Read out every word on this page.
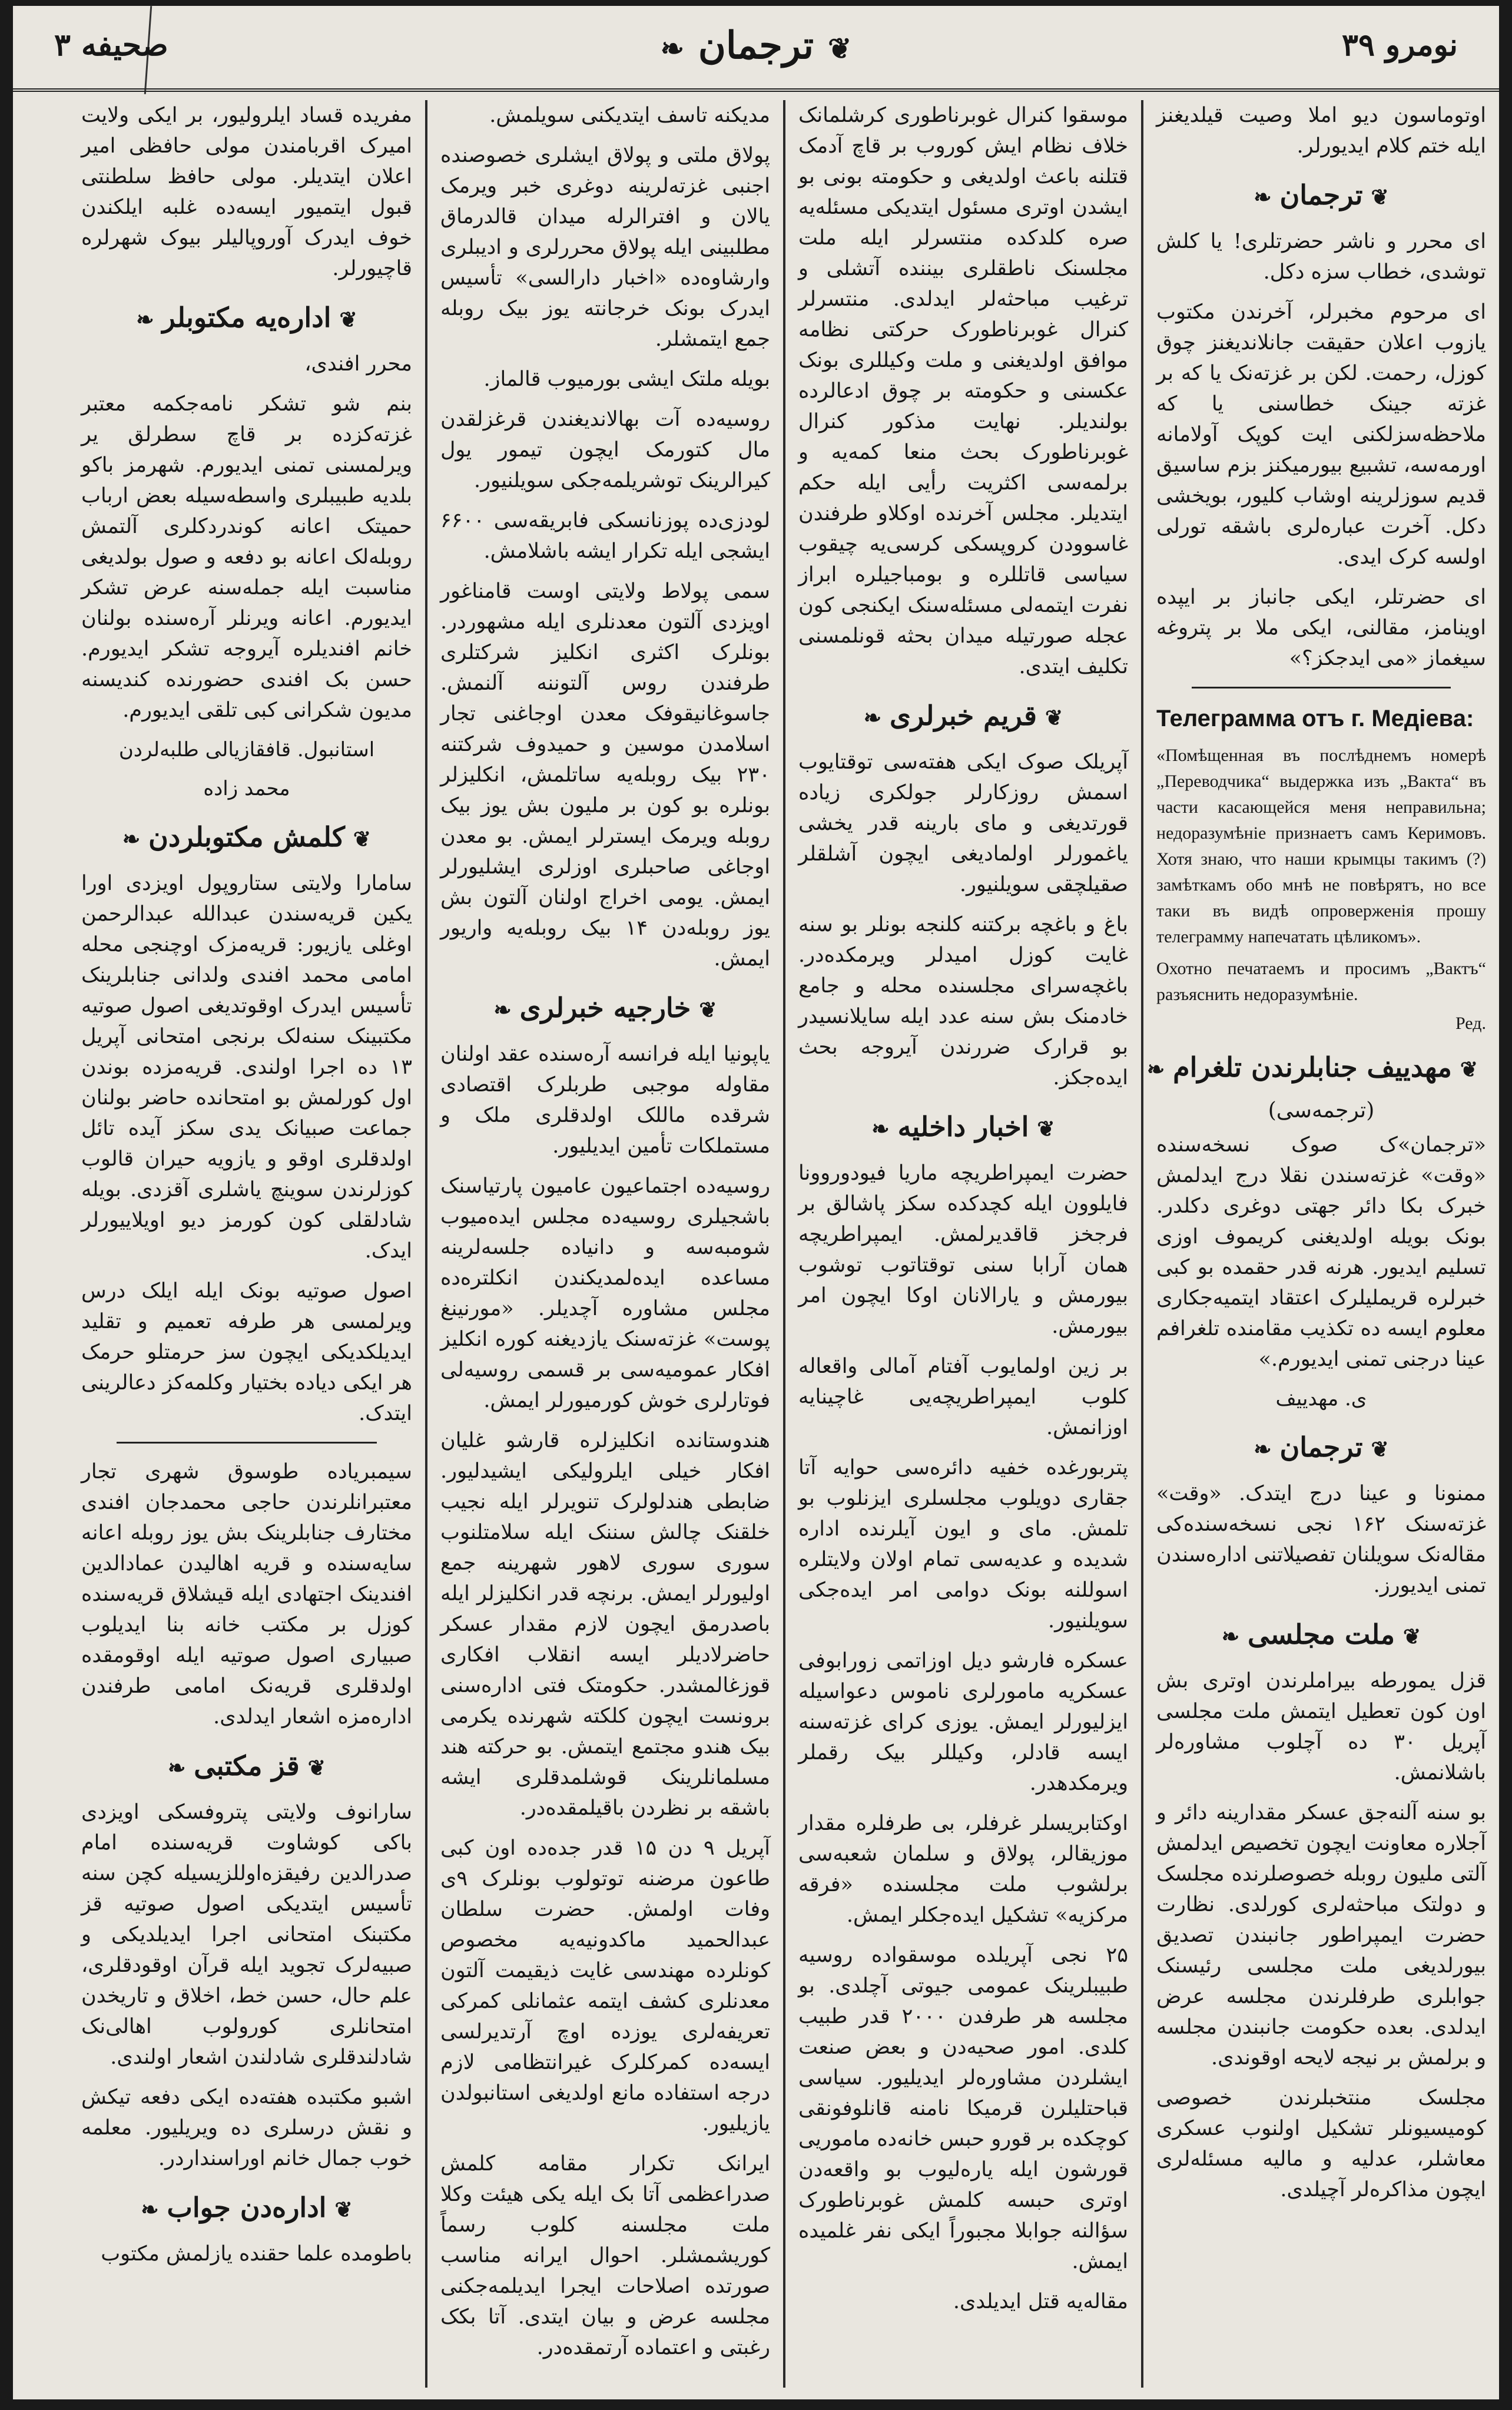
صحیفه ۳	❦ترجمان❧	نومرو ۳۹

اوتوماسون دیو املا وصیت قیلدیغنز ایله ختم کلام ایدیورلر.

❦ترجمان❧

ای محرر و ناشر حضرتلری! یا کلش توشدی، خطاب سزه دکل.

ای مرحوم مخبرلر، آخرندن مکتوب یازوب اعلان حقیقت جانلاندیغنز چوق کوزل، رحمت. لکن بر غزته‌نک یا که بر غزته جینک خطاسنی یا که ملاحظه‌سزلکنی ایت کوپک آولامانه اورمه‌سه، تشبیع بیورمیکنز بزم ساسیق قدیم سوزلرینه اوشاب کلیور، بویخشی دکل. آخرت عبارەلری باشقه تورلی اولسه کرک ایدی.

ای حضرتلر، ایکی جانباز بر ایپده اوینامز، مقالنی، ایکی ملا بر پتروغه سیغماز «می ایدجکز؟»

Телеграмма отъ г. Медiева:

«Помѣщенная въ послѣднемъ номерѣ „Переводчика“ выдержка изъ „Вакта“ въ части касающейся меня неправильна; недоразумѣнiе признаетъ самъ Керимовъ. Хотя знаю, что наши крымцы такимъ (?) замѣткамъ обо мнѣ не повѣрятъ, но все таки въ видѣ опроверженiя прошу телеграмму напечатать цѣликомъ».

Охотно печатаемъ и просимъ „Вактъ“ разъяснить недоразумѣнiе.

Ред.

❦مهدییف جنابلرندن تلغرام❧
(ترجمه‌سی)

«ترجمان»ک صوک نسخه‌سنده «وقت» غزته‌سندن نقلا درج ایدلمش خبرک بکا دائر جهتی دوغری دکلدر. بونک بویله اولدیغنی کریموف اوزی تسلیم ایدیور. هرنه قدر حقمده بو کبی خبرلره قریملیلرک اعتقاد ایتمیه‌جکاری معلوم ایسه ده تکذیب مقامنده تلغرافم عینا درجنی تمنی ایدیورم.»

ی. مهدییف

❦ترجمان❧

ممنونا و عینا درج ایتدک. «وقت» غزته‌سنک ۱۶۲ نجی نسخه‌سنده‌کی مقاله‌نک سویلنان تفصیلاتنی اداره‌سندن تمنی ایدیورز.

❦ملت مجلسی❧

قزل یمورطه بیراملرندن اوتری بش اون کون تعطیل ایتمش ملت مجلسی آپریل ۳۰ ده آچلوب مشاوره‌لر باشلانمش.

بو سنه آلنه‌جق عسکر مقدارینه دائر و آجلاره معاونت ایچون تخصیص ایدلمش آلتی ملیون روبله خصوصلرنده مجلسک و دولتک مباحثه‌لری کورلدی. نظارت حضرت ایمپراطور جانبندن تصدیق بیورلدیغی ملت مجلسی رئیسنک جوابلری طرفلرندن مجلسه عرض ایدلدی. بعده حکومت جانبندن مجلسه و برلمش بر نیجه لایحه اوقوندی.

مجلسک منتخبلرندن خصوصی کومیسیونلر تشکیل اولنوب عسکری معاشلر، عدلیه و مالیه مسئله‌لری ایچون مذاکره‌لر آچیلدی.

موسقوا کنرال غوبرناطوری کرشلمانک خلاف نظام ایش کوروب بر قاچ آدمک قتلنه باعث اولدیغی و حکومته بونی بو ایشدن اوتری مسئول ایتدیکی مسئله‌یه صره کلدکده منتسرلر ایله ملت مجلسنک ناطقلری بیننده آتشلی و ترغیب مباحثه‌لر ایدلدی. منتسرلر کنرال غوبرناطورک حرکتی نظامه موافق اولدیغنی و ملت وکیللری بونک عکسنی و حکومته بر چوق ادعالرده بولندیلر. نهایت مذکور کنرال غوبرناطورک بحث منعا کمه‌یه و برلمه‌سی اکثریت رأیی ایله حکم ایتدیلر. مجلس آخرنده اوکلاو طرفندن غاسوودن کروپسکی کرسی‌یه چیقوب سیاسی قاتللره و بومباجیلره ابراز نفرت ایتمه‌لی مسئله‌سنک ایکنجی کون عجله صورتیله میدان بحثه قونلمسنی تکلیف ایتدی.

❦قریم خبرلری❧

آپریلک صوک ایکی هفته‌سی توقتایوب اسمش روزکارلر جولکری زیاده قورتدیغی و مای بارینه قدر یخشی یاغمورلر اولمادیغی ایچون آشلقلر صقیلچقی سویلنیور.

باغ و باغچه برکتنه کلنجه بونلر بو سنه غایت کوزل امیدلر ویرمکده‌در. باغچه‌سرای مجلسنده محله و جامع خادمنک بش سنه عدد ایله سایلانسیدر بو قرارک ضررندن آیروجه بحث ایده‌جکز.

❦اخبار داخلیه❧

حضرت ایمپراطریچه ماریا فیودوروونا فایلوون ایله کچدکده سکز پاشالق بر فرجخز قاقدیرلمش. ایمپراطریچه همان آرابا سنی توقتاتوب توشوب بیورمش و یارالانان اوکا ایچون امر بیورمش.

بر زین اولمایوب آفتام آمالی واقعاله کلوب ایمپراطریچه‌یی غاچینایه اوزانمش.

پتربورغده خفیه دائره‌سی حوایه آتا جقاری دویلوب مجلسلری ایزنلوب بو تلمش. مای و ایون آیلرنده اداره شدیده و عدیه‌سی تمام اولان ولایتلره اسوللنه بونک دوامی امر ایده‌جکی سویلنیور.

عسکره فارشو دیل اوزاتمی زورابوفی عسکریه مامورلری ناموس دعواسیله ایزلیورلر ایمش. یوزی کرای غزته‌سنه ایسه قادلر، وکیللر بیک رقملر ویرمکدهدر.

اوکتابریسلر غرفلر، بی طرفلره مقدار موزیقالر، پولاق و سلمان شعبه‌سی برلشوب ملت مجلسنده «فرقه مرکزیه» تشکیل ایده‌جکلر ایمش.

۲۵ نجی آپریلده موسقواده روسیه طبیبلرینک عمومی جیوتی آچلدی. بو مجلسه هر طرفدن ۲۰۰۰ قدر طبیب کلدی. امور صحیه‌دن و بعض صنعت ایشلردن مشاوره‌لر ایدیلیور. سیاسی قباحتلیلرن قرمیکا نامنه قانلوفونقی کوچکده بر قورو حبس خانه‌ده ماموریی قورشون ایله یاره‌لیوب بو واقعه‌دن اوتری حبسه کلمش غوبرناطورک سؤالنه جوابلا مجبوراً ایکی نفر غلمیده ایمش.

مقاله‌یه قتل ایدیلدی.

مدیکنه تاسف ایتدیکنی سویلمش.

پولاق ملتی و پولاق ایشلری خصوصنده اجنبی غزته‌لرینه دوغری خبر ویرمک یالان و افترالرله میدان قالدرماق مطلبینی ایله پولاق محررلری و ادیبلری وارشاوه‌ده «اخبار دارالسی» تأسیس ایدرک بونک خرجانته یوز بیک روبله جمع ایتمشلر.

بویله ملتک ایشی بورمیوب قالماز.

روسیه‌ده آت بهالاندیغندن قرغزلقدن مال کتورمک ایچون تیمور یول کیرالرینک توشریلمه‌جکی سویلنیور.

لودزی‌ده پوزنانسکی فابریقه‌سی ۶۶۰۰ ایشجی ایله تکرار ایشه باشلامش.

سمی پولاط ولایتی اوست قامناغور اویزدی آلتون معدنلری ایله مشهوردر. بونلرک اکثری انکلیز شرکتلری طرفندن روس آلتوننه آلنمش. جاسوغانیقوفک معدن اوجاغنی تجار اسلامدن موسین و حمیدوف شرکتنه ۲۳۰ بیک روبله‌یه ساتلمش، انکلیزلر بونلره بو کون بر ملیون بش یوز بیک روبله ویرمک ایسترلر ایمش. بو معدن اوجاغی صاحبلری اوزلری ایشلیورلر ایمش. یومی اخراج اولنان آلتون بش یوز روبله‌دن ۱۴ بیک روبله‌یه واریور ایمش.

❦خارجیه خبرلری❧

یاپونیا ایله فرانسه آره‌سنده عقد اولنان مقاوله موجبی طربلرک اقتصادی شرقده ماللک اولدقلری ملک و مستملکات تأمین ایدیلیور.

روسیه‌ده اجتماعیون عامیون پارتیاسنک باشجیلری روسیه‌ده مجلس ایده‌میوب شومبه‌سه و دانیاده جلسه‌لرینه مساعده ایده‌لمدیکندن انکلتره‌ده مجلس مشاوره آچدیلر. «مورنینغ پوست» غزته‌سنک یازدیغنه کوره انکلیز افکار عمومیه‌سی بر قسمی روسیه‌لی فوتارلری خوش کورمیورلر ایمش.

هندوستانده انکلیزلره قارشو غلیان افکار خیلی ایلرولیکی ایشیدلیور. ضابطی هندلولرک تنویرلر ایله نجیب خلقنک چالش سننک ایله سلامتلنوب سوری سوری لاهور شهرینه جمع اولیورلر ایمش. برنچه قدر انکلیزلر ایله باصدرمق ایچون لازم مقدار عسکر حاضرلادیلر ایسه انقلاب افکاری قوزغالمشدر. حکومتک فتی اداره‌سنی برونست ایچون کلکته شهرنده یکرمی بیک هندو مجتمع ایتمش. بو حرکته هند مسلمانلرینک قوشلمدقلری ایشه باشقه بر نظردن باقیلمقده‌در.

آپریل ۹ دن ۱۵ قدر جده‌ده اون کبی طاعون مرضنه توتولوب بونلرک ۹ی وفات اولمش. حضرت سلطان عبدالحمید ماکدونیه‌یه مخصوص کونلرده مهندسی غایت ذیقیمت آلتون معدنلری کشف ایتمه عثمانلی کمرکی تعریفه‌لری یوزده اوچ آرتدیرلسی ایسه‌ده کمرکلرک غیرانتظامی لازم درجه استفاده مانع اولدیغی استانبولدن یازیلیور.

ایرانک تکرار مقامه کلمش صدراعظمی آتا بک ایله یکی هیئت وکلا ملت مجلسنه کلوب رسماً کوریشمشلر. احوال ایرانه مناسب صورتده اصلاحات ایجرا ایدیلمه‌جکنی مجلسه عرض و بیان ایتدی. آتا بکک رغبتی و اعتماده آرتمقده‌در.

مفریده قساد ایلرولیور، بر ایکی ولایت امیرک اقربامندن مولی حافظی امیر اعلان ایتدیلر. مولی حافظ سلطنتی قبول ایتمیور ایسه‌ده غلبه ایلکندن خوف ایدرک آوروپالیلر بیوک شهرلره قاچیورلر.

❦اداره‌یه مکتوبلر❧

محرر افندی،

بنم شو تشکر نامه‌جکمه معتبر غزته‌کزده بر قاچ سطرلق یر ویرلمسنی تمنی ایدیورم. شهرمز باکو بلدیه طبیبلری واسطه‌سیله بعض ارباب حمیتک اعانه کوندردکلری آلتمش روبله‌لک اعانه بو دفعه و صول بولدیغی مناسبت ایله جمله‌سنه عرض تشکر ایدیورم. اعانه ویرنلر آره‌سنده بولنان خانم افندیلره آیروجه تشکر ایدیورم. حسن بک افندی حضورنده کندیسنه مدیون شکرانی کبی تلقی ایدیورم.

استانبول. قافقازیالی طلبه‌لردن

محمد زاده

❦کلمش مکتوبلردن❧

سامارا ولایتی ستاروپول اویزدی اورا یکین قریه‌سندن عبدالله عبدالرحمن اوغلی یازیور: قریه‌مزک اوچنجی محله امامی محمد افندی ولدانی جنابلرینک تأسیس ایدرک اوقوتدیغی اصول صوتیه مکتبینک سنه‌لک برنجی امتحانی آپریل ۱۳ ده اجرا اولندی. قریه‌مزده بوندن اول کورلمش بو امتحانده حاضر بولنان جماعت صبیانک یدی سکز آیده تائل اولدقلری اوقو و یازویه حیران قالوب کوزلرندن سوینچ یاشلری آقزدی. بویله شادلقلی کون کورمز دیو اویلاییورلر ایدک.

اصول صوتیه بونک ایله ایلک درس ویرلمسی هر طرفه تعمیم و تقلید ایدیلکدیکی ایچون سز حرمتلو حرمک هر ایکی دیاده بختیار وکلمه‌کز دعا‌لرینی ایتدک.

سیمبریاده طوسوق شهری تجار معتبرانلرندن حاجی محمدجان افندی مختارف جنابلرینک بش یوز روبله اعانه سایه‌سنده و قریه اهالیدن عمادالدین افندینک اجتهادی ایله قیشلاق قریه‌سنده کوزل بر مکتب خانه بنا ایدیلوب صبیاری اصول صوتیه ایله اوقومقده اولدقلری قریه‌نک امامی طرفندن اداره‌مزه اشعار ایدلدی.

❦قز مکتبی❧

سارانوف ولایتی پتروفسکی اویزدی باکی کوشاوت قریه‌سنده امام صدرالدین رفیقزه‌اوللزیسیله کچن سنه تأسیس ایتدیکی اصول صوتیه قز مکتبنک امتحانی اجرا ایدیلدیکی و صبیه‌لرک تجوید ایله قرآن اوقودقلری، علم حال، حسن خط، اخلاق و تاریخدن امتحانلری کورولوب اهالی‌نک شادلندقلری شادلندن اشعار اولندی.

اشبو مکتبده هفته‌ده ایکی دفعه تیکش و نقش درسلری ده ویریلیور. معلمه خوب جمال خانم اوراسنداردر.

❦اداره‌دن جواب❧

باطومده علما حقنده یازلمش مکتوب
